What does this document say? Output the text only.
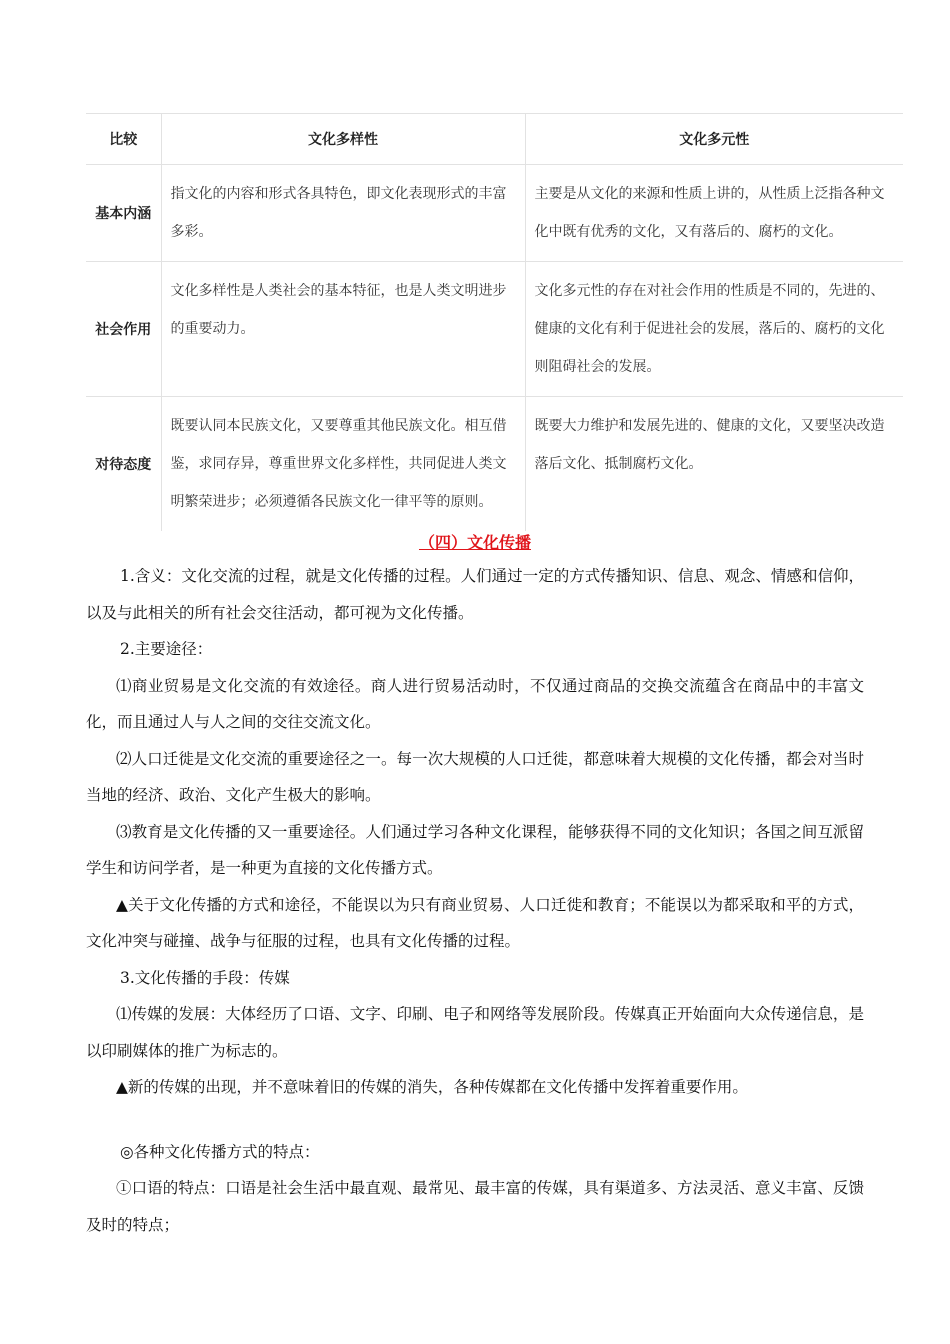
比较	文化多样性	文化多元性
基本内涵	指文化的内容和形式各具特色，即文化表现形式的丰富多彩。	主要是从文化的来源和性质上讲的，从性质上泛指各种文化中既有优秀的文化，又有落后的、腐朽的文化。
社会作用	文化多样性是人类社会的基本特征，也是人类文明进步的重要动力。	文化多元性的存在对社会作用的性质是不同的，先进的、健康的文化有利于促进社会的发展，落后的、腐朽的文化则阻碍社会的发展。
对待态度	既要认同本民族文化，又要尊重其他民族文化。相互借鉴，求同存异，尊重世界文化多样性，共同促进人类文明繁荣进步；必须遵循各民族文化一律平等的原则。	既要大力维护和发展先进的、健康的文化，又要坚决改造落后文化、抵制腐朽文化。
（四）文化传播

1.含义：文化交流的过程，就是文化传播的过程。人们通过一定的方式传播知识、信息、观念、情感和信仰，以及与此相关的所有社会交往活动，都可视为文化传播。

2.主要途径：

⑴商业贸易是文化交流的有效途径。商人进行贸易活动时，不仅通过商品的交换交流蕴含在商品中的丰富文化，而且通过人与人之间的交往交流文化。

⑵人口迁徙是文化交流的重要途径之一。每一次大规模的人口迁徙，都意味着大规模的文化传播，都会对当时当地的经济、政治、文化产生极大的影响。

⑶教育是文化传播的又一重要途径。人们通过学习各种文化课程，能够获得不同的文化知识；各国之间互派留学生和访问学者，是一种更为直接的文化传播方式。

▲关于文化传播的方式和途径，不能误以为只有商业贸易、人口迁徙和教育；不能误以为都采取和平的方式，文化冲突与碰撞、战争与征服的过程，也具有文化传播的过程。

3.文化传播的手段：传媒

⑴传媒的发展：大体经历了口语、文字、印刷、电子和网络等发展阶段。传媒真正开始面向大众传递信息，是以印刷媒体的推广为标志的。

▲新的传媒的出现，并不意味着旧的传媒的消失，各种传媒都在文化传播中发挥着重要作用。

◎各种文化传播方式的特点：

①口语的特点：口语是社会生活中最直观、最常见、最丰富的传媒，具有渠道多、方法灵活、意义丰富、反馈及时的特点；
